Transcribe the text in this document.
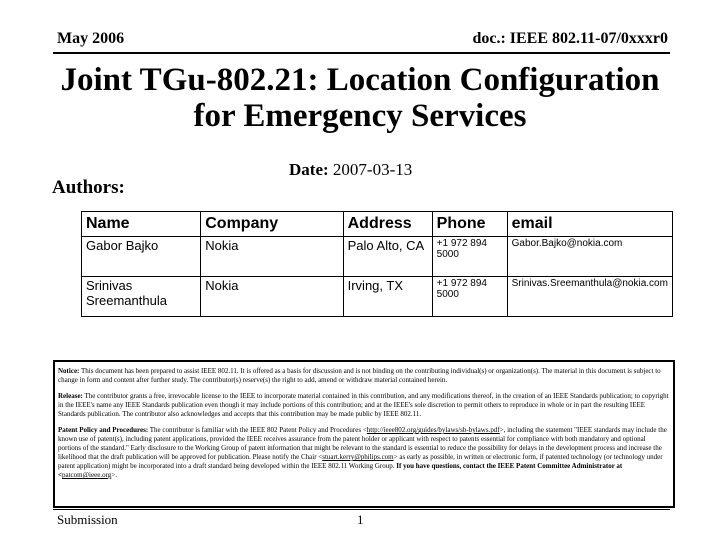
May 2006	doc.: IEEE 802.11-07/0xxxr0
Joint TGu-802.21: Location Configuration
for Emergency Services
Date: 2007-03-13
Authors:
Name	Company	Address	Phone	email
Gabor Bajko	Nokia	Palo Alto, CA	+1 972 894 5000	Gabor.Bajko@nokia.com
Srinivas Sreemanthula	Nokia	Irving, TX	+1 972 894 5000	Srinivas.Sreemanthula@nokia.com

Notice: This document has been prepared to assist IEEE 802.11. It is offered as a basis for discussion and is not binding on the contributing individual(s) or organization(s). The material in this document is subject to change in form and content after further study. The contributor(s) reserve(s) the right to add, amend or withdraw material contained herein.

Release: The contributor grants a free, irrevocable license to the IEEE to incorporate material contained in this contribution, and any modifications thereof, in the creation of an IEEE Standards publication; to copyright in the IEEE's name any IEEE Standards publication even though it may include portions of this contribution; and at the IEEE's sole discretion to permit others to reproduce in whole or in part the resulting IEEE Standards publication. The contributor also acknowledges and accepts that this contribution may be made public by IEEE 802.11.

Patent Policy and Procedures: The contributor is familiar with the IEEE 802 Patent Policy and Procedures <http://ieee802.org/guides/bylaws/sb-bylaws.pdf>, including the statement "IEEE standards may include the known use of patent(s), including patent applications, provided the IEEE receives assurance from the patent holder or applicant with respect to patents essential for compliance with both mandatory and optional portions of the standard." Early disclosure to the Working Group of patent information that might be relevant to the standard is essential to reduce the possibility for delays in the development process and increase the likelihood that the draft publication will be approved for publication. Please notify the Chair <stuart.kerry@philips.com> as early as possible, in written or electronic form, if patented technology (or technology under patent application) might be incorporated into a draft standard being developed within the IEEE 802.11 Working Group. If you have questions, contact the IEEE Patent Committee Administrator at <patcom@ieee.org>.

Submission	1
